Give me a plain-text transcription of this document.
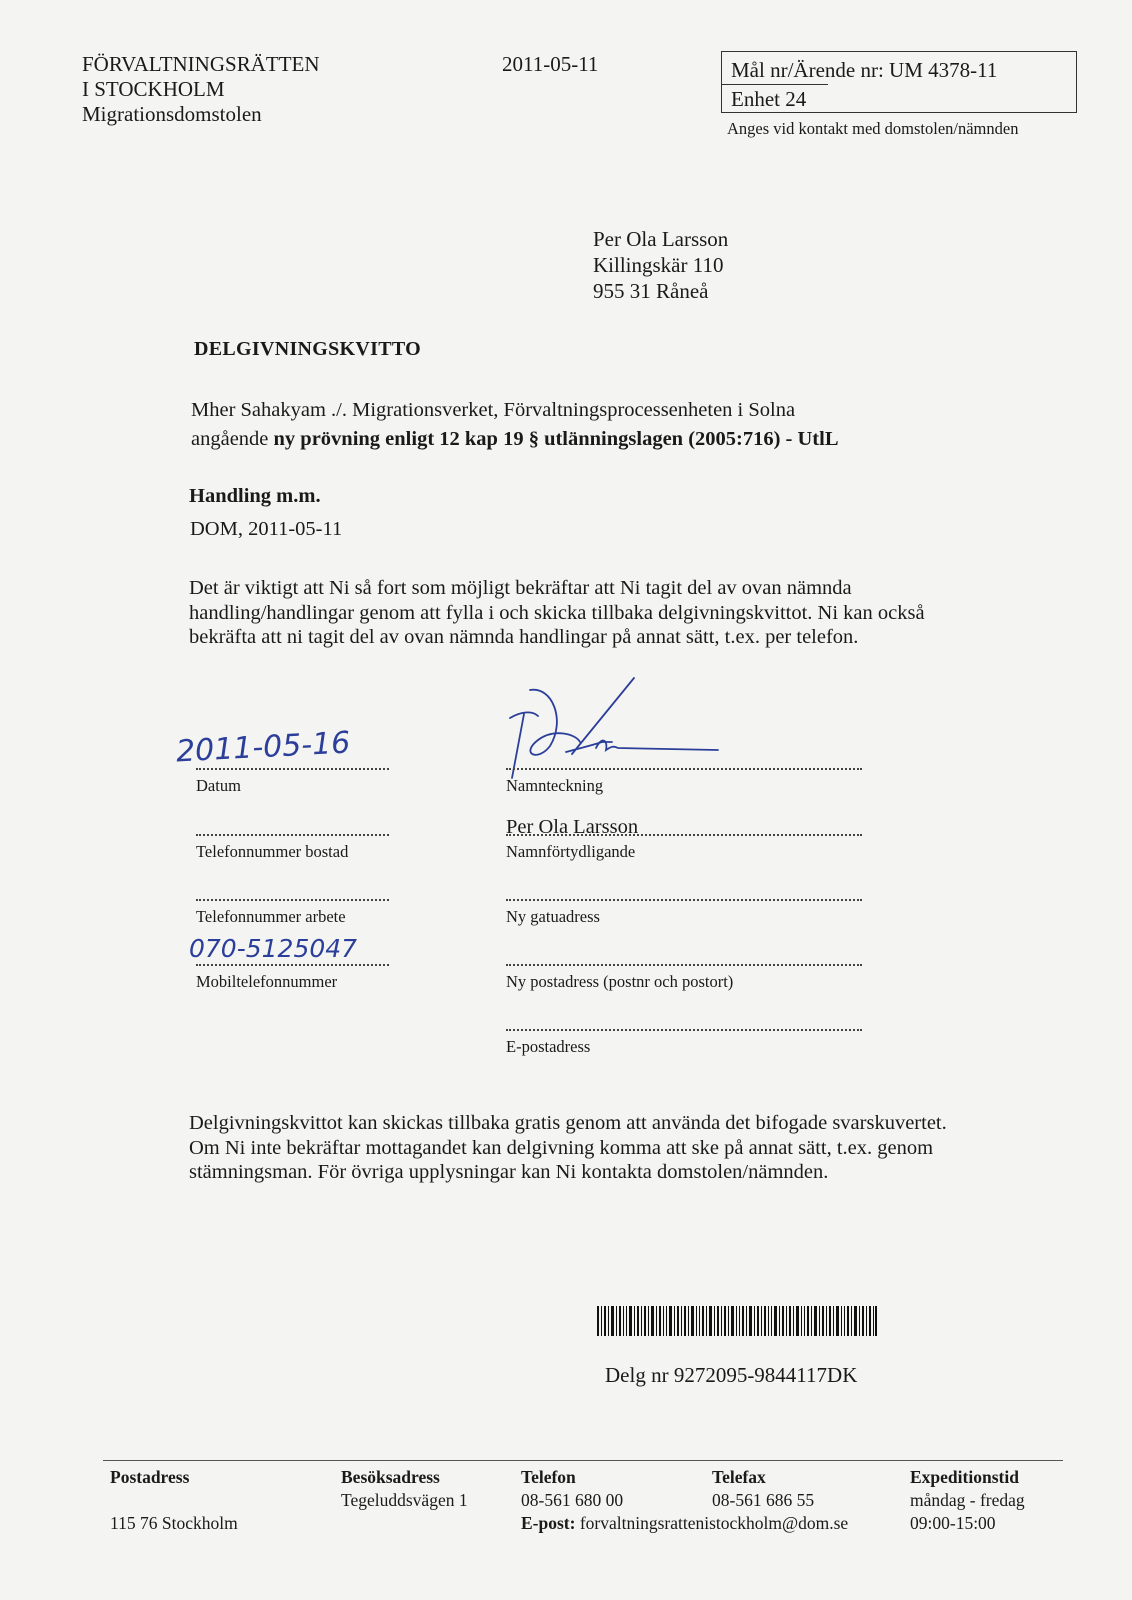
FÖRVALTNINGSRÄTTEN
I STOCKHOLM
Migrationsdomstolen
2011-05-11	Mål nr/Ärende nr: UM 4378-11
Enhet 24
Anges vid kontakt med domstolen/nämnden
Per Ola Larsson
Killingskär 110
955 31 Råneå
DELGIVNINGSKVITTO
Mher Sahakyam ./. Migrationsverket, Förvaltningsprocessenheten i Solna
angående ny prövning enligt 12 kap 19 § utlänningslagen (2005:716) - UtlL
Handling m.m.
DOM, 2011-05-11
Det är viktigt att Ni så fort som möjligt bekräftar att Ni tagit del av ovan nämnda handling/handlingar genom att fylla i och skicka tillbaka delgivningskvittot. Ni kan också bekräfta att ni tagit del av ovan nämnda handlingar på annat sätt, t.ex. per telefon.
2011-05-16
Datum
Telefonnummer bostad
Telefonnummer arbete
070-5125047
Mobiltelefonnummer
Namnteckning
Per Ola Larsson
Namnförtydligande
Ny gatuadress
Ny postadress (postnr och postort)
E-postadress
Delgivningskvittot kan skickas tillbaka gratis genom att använda det bifogade svarskuvertet. Om Ni inte bekräftar mottagandet kan delgivning komma att ske på annat sätt, t.ex. genom stämningsman. För övriga upplysningar kan Ni kontakta domstolen/nämnden.
Delg nr 9272095-9844117DK
Postadress

115 76 Stockholm
Besöksadress
Tegeluddsvägen 1
Telefon
08-561 680 00
E-post: forvaltningsrattenistockholm@dom.se
Telefax
08-561 686 55
Expeditionstid
måndag - fredag
09:00-15:00
